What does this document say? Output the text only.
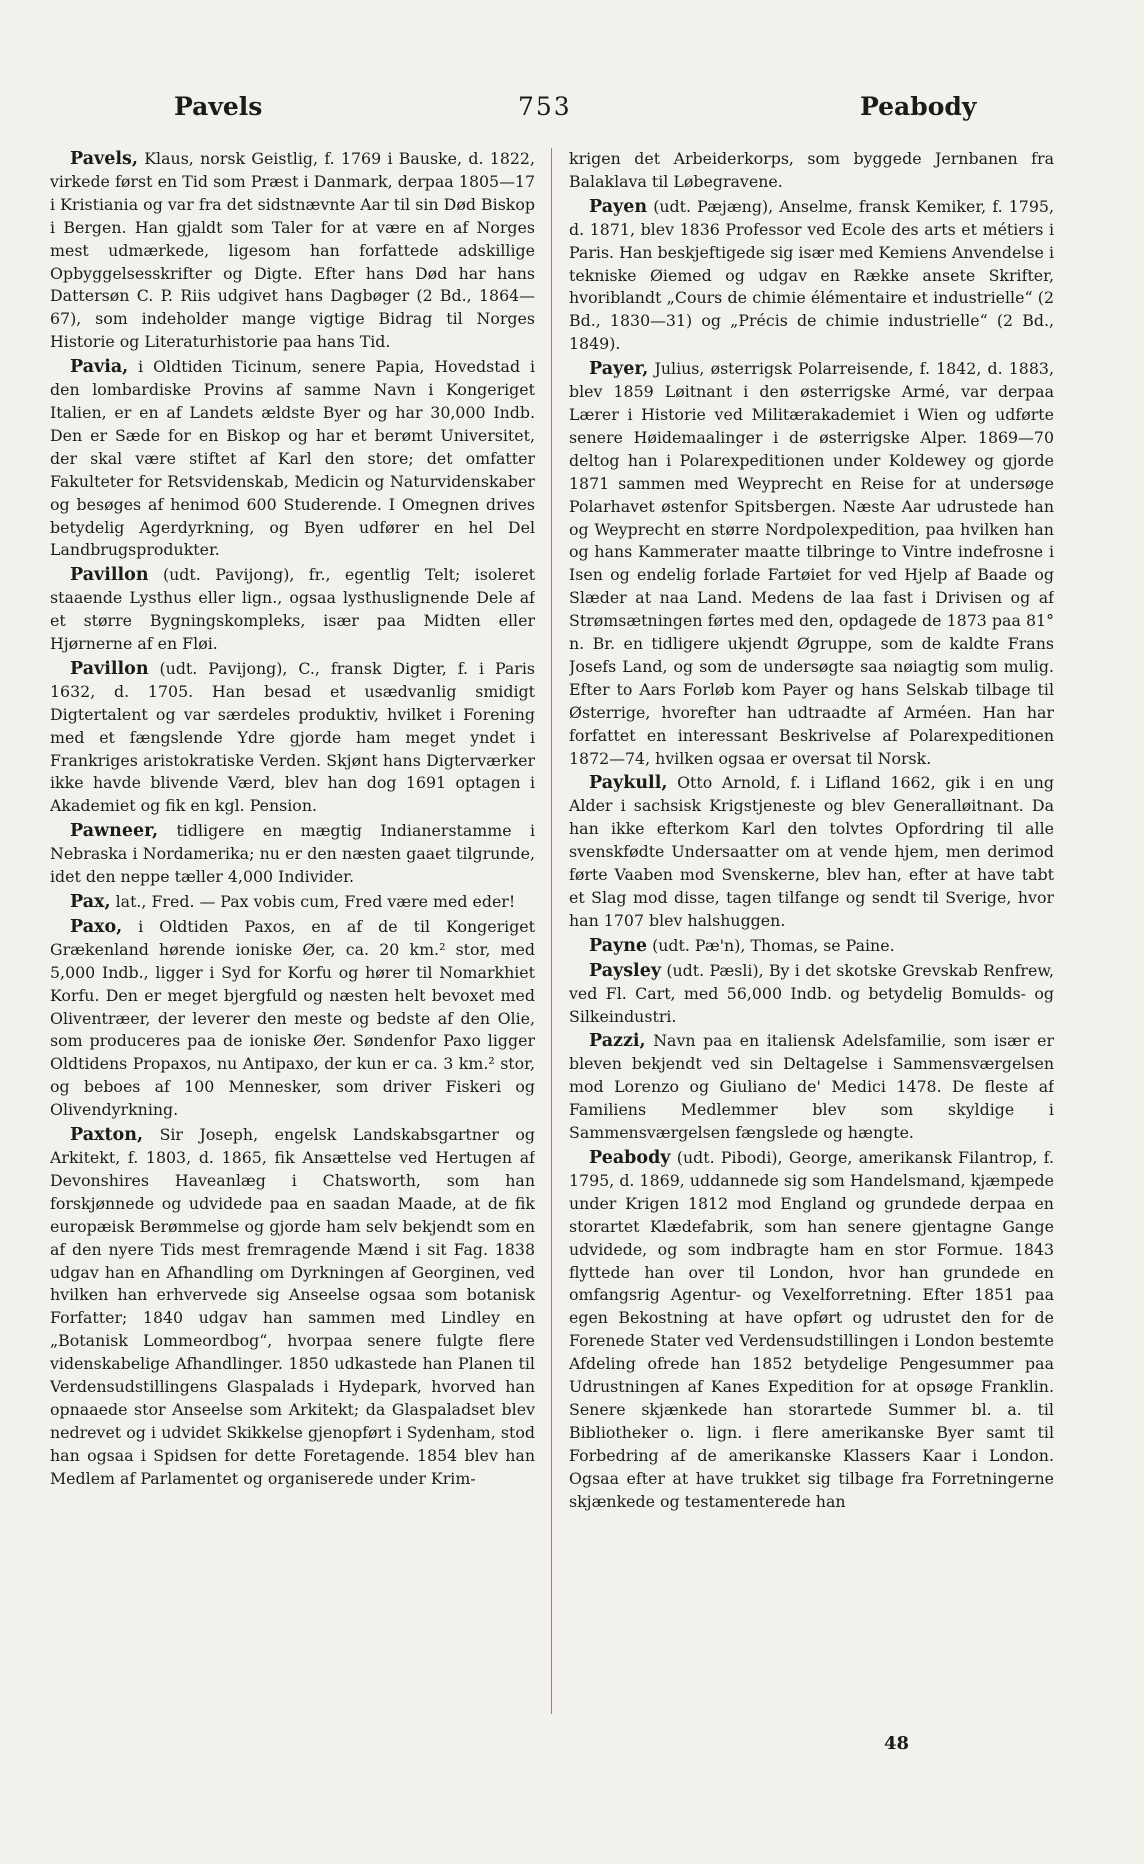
Pavels	753	Peabody

Pavels, Klaus, norsk Geistlig, f. 1769 i Bauske, d. 1822, virkede først en Tid som Præst i Danmark, derpaa 1805—17 i Kristiania og var fra det sidstnævnte Aar til sin Død Biskop i Bergen. Han gjaldt som Taler for at være en af Norges mest udmærkede, ligesom han forfattede adskillige Opbyggelsesskrifter og Digte. Efter hans Død har hans Dattersøn C. P. Riis udgivet hans Dagbøger (2 Bd., 1864—67), som indeholder mange vigtige Bidrag til Norges Historie og Literaturhistorie paa hans Tid.

Pavia, i Oldtiden Ticinum, senere Papia, Hovedstad i den lombardiske Provins af samme Navn i Kongeriget Italien, er en af Landets ældste Byer og har 30,000 Indb. Den er Sæde for en Biskop og har et berømt Universitet, der skal være stiftet af Karl den store; det omfatter Fakulteter for Retsvidenskab, Medicin og Naturvidenskaber og besøges af henimod 600 Studerende. I Omegnen drives betydelig Agerdyrkning, og Byen udfører en hel Del Landbrugsprodukter.

Pavillon (udt. Pavijong), fr., egentlig Telt; isoleret staaende Lysthus eller lign., ogsaa lysthuslignende Dele af et større Bygningskompleks, især paa Midten eller Hjørnerne af en Fløi.

Pavillon (udt. Pavijong), C., fransk Digter, f. i Paris 1632, d. 1705. Han besad et usædvanlig smidigt Digtertalent og var særdeles produktiv, hvilket i Forening med et fængslende Ydre gjorde ham meget yndet i Frankriges aristokratiske Verden. Skjønt hans Digterværker ikke havde blivende Værd, blev han dog 1691 optagen i Akademiet og fik en kgl. Pension.

Pawneer, tidligere en mægtig Indianerstamme i Nebraska i Nordamerika; nu er den næsten gaaet tilgrunde, idet den neppe tæller 4,000 Individer.

Pax, lat., Fred. — Pax vobis cum, Fred være med eder!

Paxo, i Oldtiden Paxos, en af de til Kongeriget Grækenland hørende ioniske Øer, ca. 20 km.² stor, med 5,000 Indb., ligger i Syd for Korfu og hører til Nomarkhiet Korfu. Den er meget bjergfuld og næsten helt bevoxet med Oliventræer, der leverer den meste og bedste af den Olie, som produceres paa de ioniske Øer. Søndenfor Paxo ligger Oldtidens Propaxos, nu Antipaxo, der kun er ca. 3 km.² stor, og beboes af 100 Mennesker, som driver Fiskeri og Olivendyrkning.

Paxton, Sir Joseph, engelsk Landskabsgartner og Arkitekt, f. 1803, d. 1865, fik Ansættelse ved Hertugen af Devonshires Haveanlæg i Chatsworth, som han forskjønnede og udvidede paa en saadan Maade, at de fik europæisk Berømmelse og gjorde ham selv bekjendt som en af den nyere Tids mest fremragende Mænd i sit Fag. 1838 udgav han en Afhandling om Dyrkningen af Georginen, ved hvilken han erhvervede sig Anseelse ogsaa som botanisk Forfatter; 1840 udgav han sammen med Lindley en „Botanisk Lommeordbog“, hvorpaa senere fulgte flere videnskabelige Afhandlinger. 1850 udkastede han Planen til Verdensudstillingens Glaspalads i Hydepark, hvorved han opnaaede stor Anseelse som Arkitekt; da Glaspaladset blev nedrevet og i udvidet Skikkelse gjenopført i Sydenham, stod han ogsaa i Spidsen for dette Foretagende. 1854 blev han Medlem af Parlamentet og organiserede under Krim-

krigen det Arbeiderkorps, som byggede Jernbanen fra Balaklava til Løbegravene.

Payen (udt. Pæjæng), Anselme, fransk Kemiker, f. 1795, d. 1871, blev 1836 Professor ved Ecole des arts et métiers i Paris. Han beskjeftigede sig især med Kemiens Anvendelse i tekniske Øiemed og udgav en Række ansete Skrifter, hvoriblandt „Cours de chimie élémentaire et industrielle“ (2 Bd., 1830—31) og „Précis de chimie industrielle“ (2 Bd., 1849).

Payer, Julius, østerrigsk Polarreisende, f. 1842, d. 1883, blev 1859 Løitnant i den østerrigske Armé, var derpaa Lærer i Historie ved Militærakademiet i Wien og udførte senere Høidemaalinger i de østerrigske Alper. 1869—70 deltog han i Polarexpeditionen under Koldewey og gjorde 1871 sammen med Weyprecht en Reise for at undersøge Polarhavet østenfor Spitsbergen. Næste Aar udrustede han og Weyprecht en større Nordpolexpedition, paa hvilken han og hans Kammerater maatte tilbringe to Vintre indefrosne i Isen og endelig forlade Fartøiet for ved Hjelp af Baade og Slæder at naa Land. Medens de laa fast i Drivisen og af Strømsætningen førtes med den, opdagede de 1873 paa 81° n. Br. en tidligere ukjendt Øgruppe, som de kaldte Frans Josefs Land, og som de undersøgte saa nøiagtig som mulig. Efter to Aars Forløb kom Payer og hans Selskab tilbage til Østerrige, hvorefter han udtraadte af Arméen. Han har forfattet en interessant Beskrivelse af Polarexpeditionen 1872—74, hvilken ogsaa er oversat til Norsk.

Paykull, Otto Arnold, f. i Lifland 1662, gik i en ung Alder i sachsisk Krigstjeneste og blev Generalløitnant. Da han ikke efterkom Karl den tolvtes Opfordring til alle svenskfødte Undersaatter om at vende hjem, men derimod førte Vaaben mod Svenskerne, blev han, efter at have tabt et Slag mod disse, tagen tilfange og sendt til Sverige, hvor han 1707 blev halshuggen.

Payne (udt. Pæ'n), Thomas, se Paine.

Paysley (udt. Pæsli), By i det skotske Grevskab Renfrew, ved Fl. Cart, med 56,000 Indb. og betydelig Bomulds- og Silkeindustri.

Pazzi, Navn paa en italiensk Adelsfamilie, som især er bleven bekjendt ved sin Deltagelse i Sammensværgelsen mod Lorenzo og Giuliano de' Medici 1478. De fleste af Familiens Medlemmer blev som skyldige i Sammensværgelsen fængslede og hængte.

Peabody (udt. Pibodi), George, amerikansk Filantrop, f. 1795, d. 1869, uddannede sig som Handelsmand, kjæmpede under Krigen 1812 mod England og grundede derpaa en storartet Klædefabrik, som han senere gjentagne Gange udvidede, og som indbragte ham en stor Formue. 1843 flyttede han over til London, hvor han grundede en omfangsrig Agentur- og Vexelforretning. Efter 1851 paa egen Bekostning at have opført og udrustet den for de Forenede Stater ved Verdensudstillingen i London bestemte Afdeling ofrede han 1852 betydelige Pengesummer paa Udrustningen af Kanes Expedition for at opsøge Franklin. Senere skjænkede han storartede Summer bl. a. til Bibliotheker o. lign. i flere amerikanske Byer samt til Forbedring af de amerikanske Klassers Kaar i London. Ogsaa efter at have trukket sig tilbage fra Forretningerne skjænkede og testamenterede han

48
